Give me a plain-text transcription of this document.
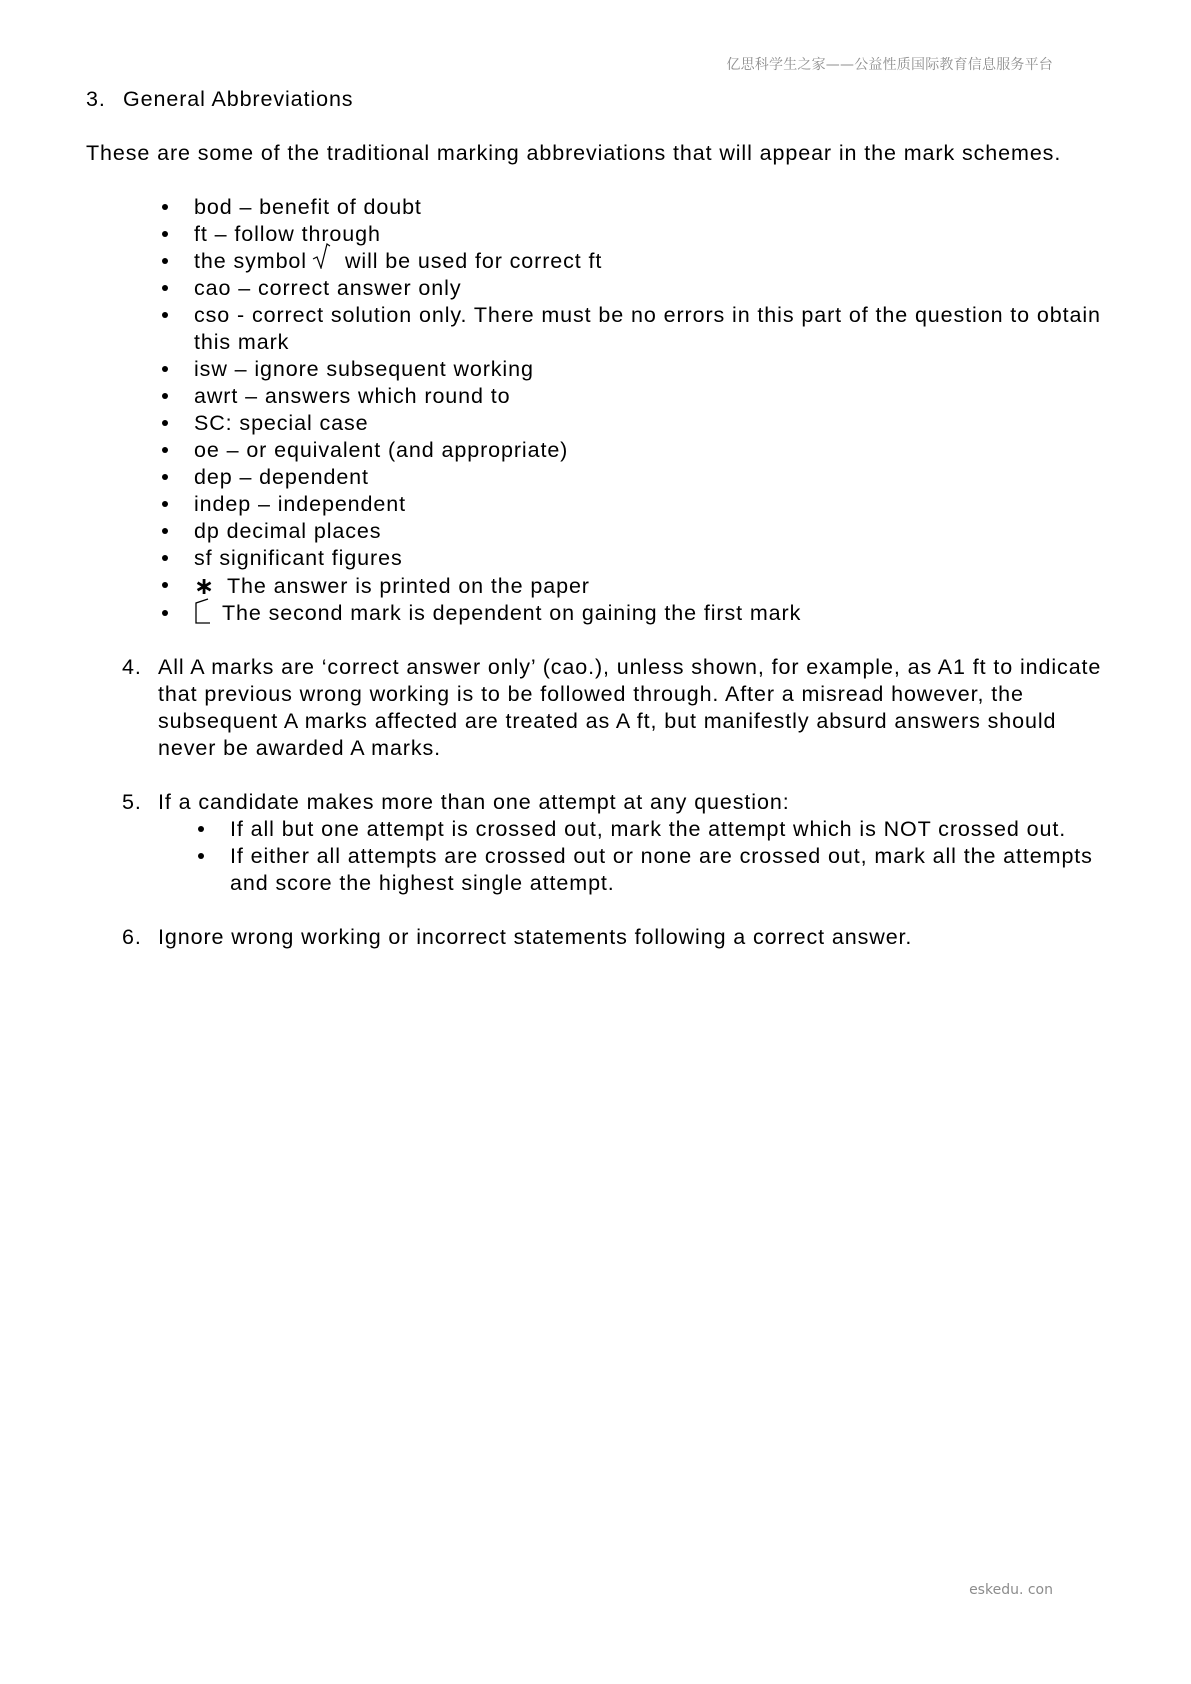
亿思科学生之家——公益性质国际教育信息服务平台
3. General Abbreviations

These are some of the traditional marking abbreviations that will appear in the mark schemes.

bod – benefit of doubt
ft – follow through
the symbol will be used for correct ft
cao – correct answer only
cso - correct solution only. There must be no errors in this part of the question to obtain this mark
isw – ignore subsequent working
awrt – answers which round to
SC: special case
oe – or equivalent (and appropriate)
dep – dependent
indep – independent
dp decimal places
sf significant figures
∗ The answer is printed on the paper
The second mark is dependent on gaining the first mark
4. All A marks are ‘correct answer only’ (cao.), unless shown, for example, as A1 ft to indicate that previous wrong working is to be followed through. After a misread however, the subsequent A marks affected are treated as A ft, but manifestly absurd answers should never be awarded A marks.
5. If a candidate makes more than one attempt at any question:
If all but one attempt is crossed out, mark the attempt which is NOT crossed out.
If either all attempts are crossed out or none are crossed out, mark all the attempts and score the highest single attempt.
6. Ignore wrong working or incorrect statements following a correct answer.
eskedu. con
